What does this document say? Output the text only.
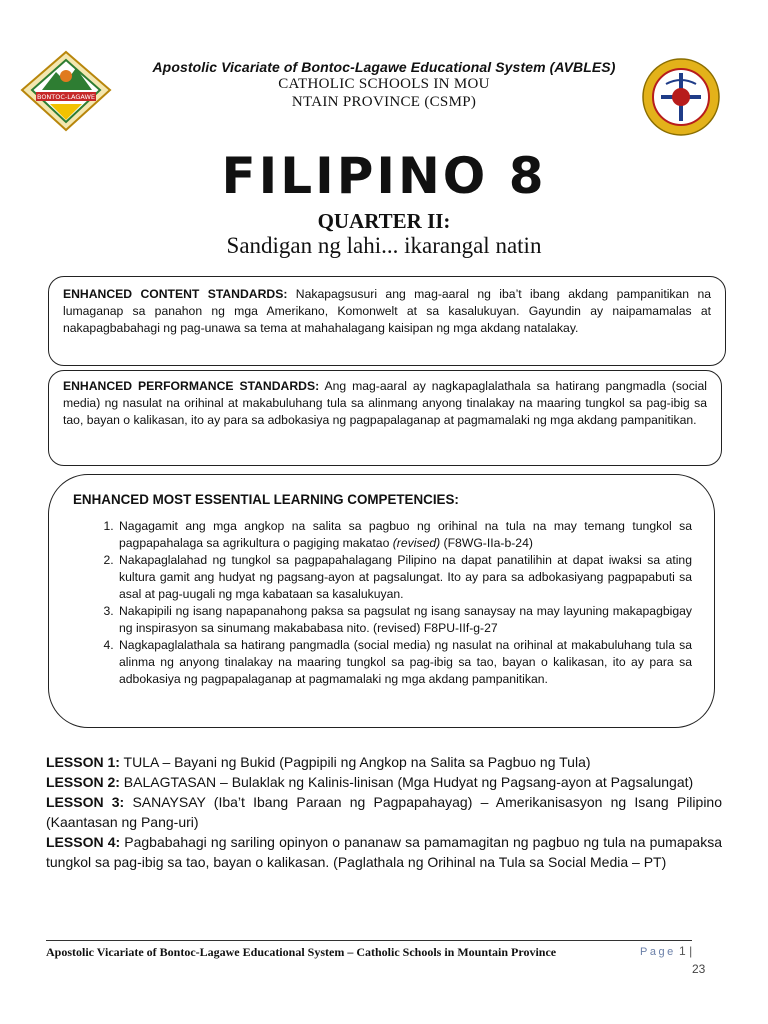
BONTOC-LAGAWE
Apostolic Vicariate of Bontoc-Lagawe Educational System (AVBLES)
CATHOLIC SCHOOLS IN MOU
NTAIN PROVINCE (CSMP)
FILIPINO 8
QUARTER II:
Sandigan ng lahi... ikarangal natin
ENHANCED CONTENT STANDARDS: Nakapagsusuri ang mag-aaral ng iba’t ibang akdang pampanitikan na lumaganap sa panahon ng mga Amerikano, Komonwelt at sa kasalukuyan. Gayundin ay naipamamalas at nakapagbabahagi ng pag-unawa sa tema at mahahalagang kaisipan ng mga akdang natalakay.
ENHANCED PERFORMANCE STANDARDS: Ang mag-aaral ay nagkapaglalathala sa hatirang pangmadla (social media) ng nasulat na orihinal at makabuluhang tula sa alinmang anyong tinalakay na maaring tungkol sa pag-ibig sa tao, bayan o kalikasan, ito ay para sa adbokasiya ng pagpapalaganap at pagmamalaki ng mga akdang pampanitikan.
ENHANCED MOST ESSENTIAL LEARNING COMPETENCIES:
1. Nagagamit ang mga angkop na salita sa pagbuo ng orihinal na tula na may temang tungkol sa pagpapahalaga sa agrikultura o pagiging makatao (revised) (F8WG-IIa-b-24)
2. Nakapaglalahad ng tungkol sa pagpapahalagang Pilipino na dapat panatilihin at dapat iwaksi sa ating kultura gamit ang hudyat ng pagsang-ayon at pagsalungat. Ito ay para sa adbokasiyang pagpapabuti sa asal at pag-uugali ng mga kabataan sa kasalukuyan.
3. Nakapipili ng isang napapanahong paksa sa pagsulat ng isang sanaysay na may layuning makapagbigay ng inspirasyon sa sinumang makababasa nito. (revised) F8PU-IIf-g-27
4. Nagkapaglalathala sa hatirang pangmadla (social media) ng nasulat na orihinal at makabuluhang tula sa alinma ng anyong tinalakay na maaring tungkol sa pag-ibig sa tao, bayan o kalikasan, ito ay para sa adbokasiya ng pagpapalaganap at pagmamalaki ng mga akdang pampanitikan.

LESSON 1: TULA – Bayani ng Bukid (Pagpipili ng Angkop na Salita sa Pagbuo ng Tula)

LESSON 2: BALAGTASAN – Bulaklak ng Kalinis-linisan (Mga Hudyat ng Pagsang-ayon at Pagsalungat)

LESSON 3: SANAYSAY (Iba’t Ibang Paraan ng Pagpapahayag) – Amerikanisasyon ng Isang Pilipino (Kaantasan ng Pang-uri)

LESSON 4: Pagbabahagi ng sariling opinyon o pananaw sa pamamagitan ng pagbuo ng tula na pumapaksa tungkol sa pag-ibig sa tao, bayan o kalikasan. (Paglathala ng Orihinal na Tula sa Social Media – PT)

Apostolic Vicariate of Bontoc-Lagawe Educational System – Catholic Schools in Mountain Province	Page 1 |
23
